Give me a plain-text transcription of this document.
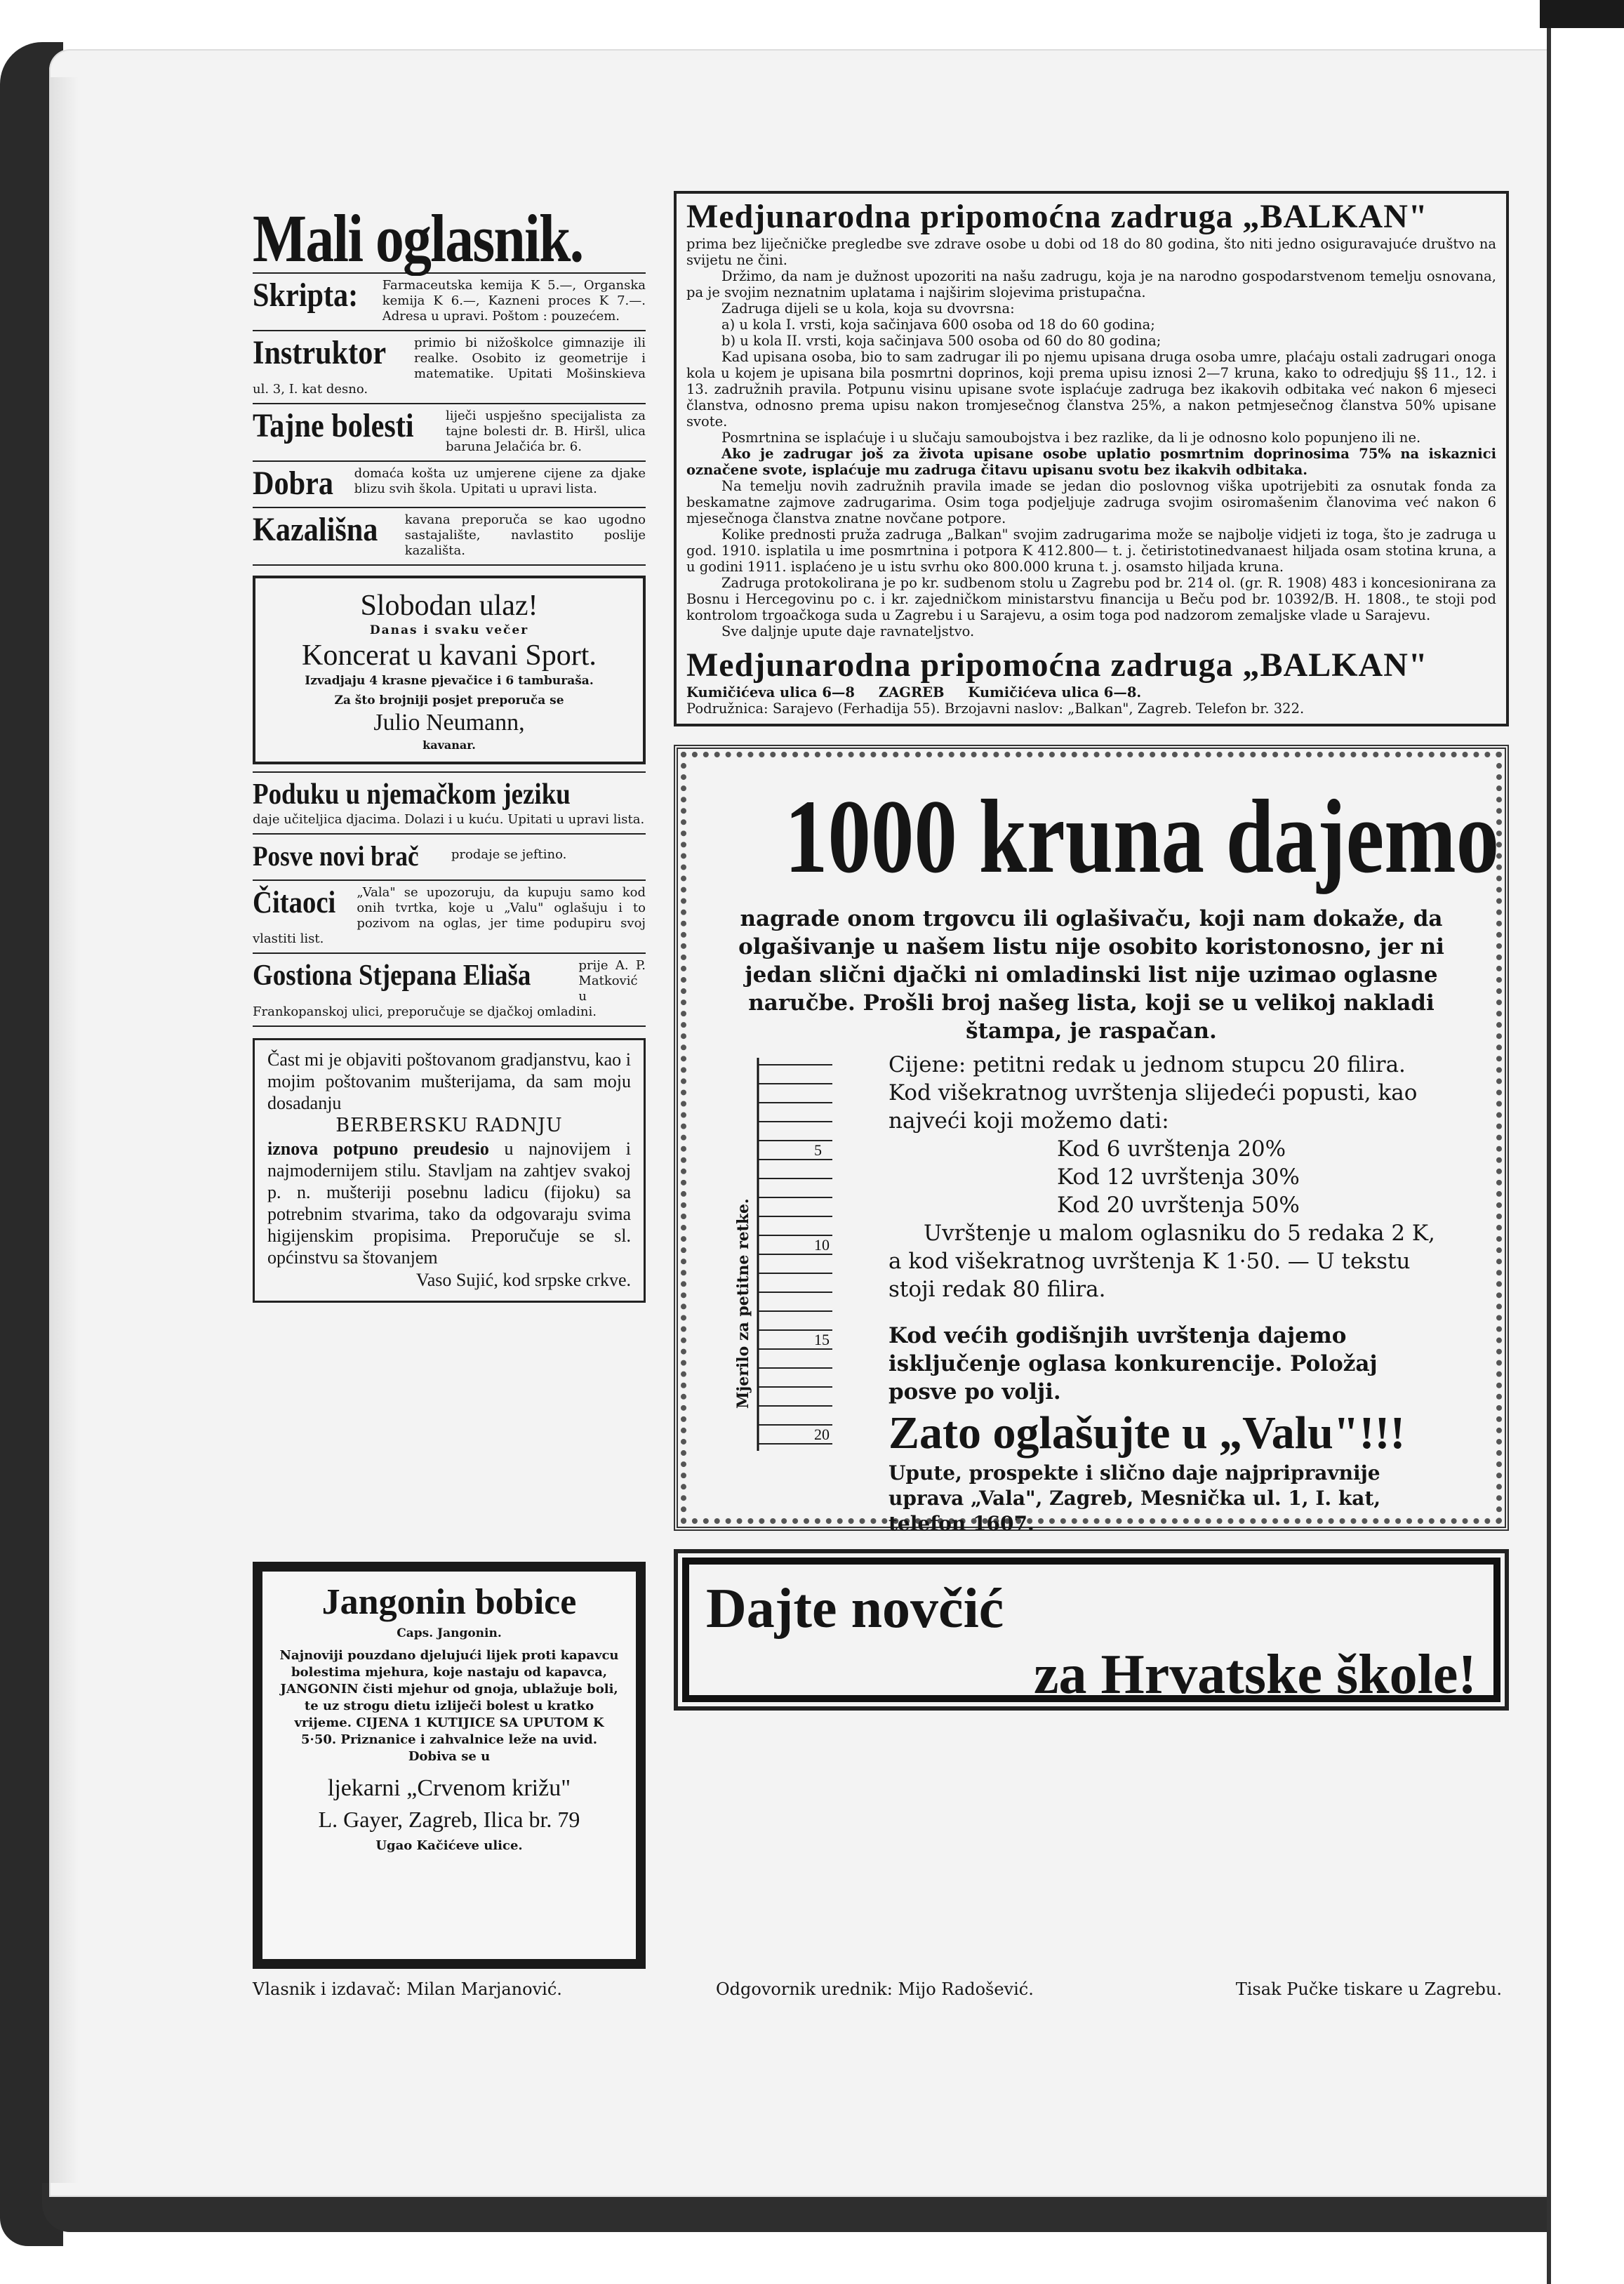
Mali oglasnik.
Skripta:	Farmaceutska kemija K 5.—, Organska kemija K 6.—, Kazneni proces K 7.—. Adresa u upravi. Poštom : pouzećem.
Instruktor	primio bi nižoškolce gimnazije ili realke. Osobito iz geometrije i matematike. Upitati Mošinskieva ul. 3, I. kat desno.
Tajne bolesti	liječi uspješno specijalista za tajne bolesti dr. B. Hiršl, ulica baruna Jelačića br. 6.
Dobra	domaća košta uz umjerene cijene za djake blizu svih škola. Upitati u upravi lista.
Kazališna	kavana preporuča se kao ugodno sastajalište, navlastito poslije kazališta.
Slobodan ulaz!
Danas i svaku večer
Koncerat u kavani Sport.
Izvadjaju 4 krasne pjevačice i 6 tamburaša.
Za što brojniji posjet preporuča se
Julio Neumann,
kavanar.
Poduku u njemačkom jeziku
daje učiteljica djacima. Dolazi i u kuću. Upitati u upravi lista.
Posve novi brač	prodaje se jeftino.
Čitaoci	„Vala" se upozoruju, da kupuju samo kod onih tvrtka, koje u „Valu" oglašuju i to pozivom na oglas, jer time podupiru svoj vlastiti list.
Gostiona Stjepana Eliaša	prije A. P. Matković u Frankopanskoj ulici, preporučuje se djačkoj omladini.
Čast mi je objaviti poštovanom gradjanstvu, kao i mojim poštovanim mušterijama, da sam moju dosadanju
BERBERSKU RADNJU
iznova potpuno preudesio u najnovijem i najmodernijem stilu. Stavljam na zahtjev svakoj p. n. mušteriji posebnu ladicu (fijoku) sa potrebnim stvarima, tako da odgovaraju svima higijenskim propisima. Preporučuje se sl. općinstvu sa štovanjem
Vaso Sujić, kod srpske crkve.
Jangonin bobice
Caps. Jangonin.
Najnoviji pouzdano djelujući lijek proti kapavcu bolestima mjehura, koje nastaju od kapavca, JANGONIN čisti mjehur od gnoja, ublažuje boli, te uz strogu dietu izliječi bolest u kratko vrijeme. CIJENA 1 KUTIJICE SA UPUTOM K 5·50. Priznanice i zahvalnice leže na uvid. Dobiva se u
ljekarni „Crvenom križu"
L. Gayer, Zagreb, Ilica br. 79
Ugao Kačićeve ulice.
Medjunarodna pripomoćna zadruga „BALKAN"
prima bez liječničke pregledbe sve zdrave osobe u dobi od 18 do 80 godina, što niti jedno osiguravajuće društvo na svijetu ne čini.
Držimo, da nam je dužnost upozoriti na našu zadrugu, koja je na narodno gospodarstvenom temelju osnovana, pa je svojim neznatnim uplatama i najširim slojevima pristupačna.
Zadruga dijeli se u kola, koja su dvovrsna:
a) u kola I. vrsti, koja sačinjava 600 osoba od 18 do 60 godina;
b) u kola II. vrsti, koja sačinjava 500 osoba od 60 do 80 godina;
Kad upisana osoba, bio to sam zadrugar ili po njemu upisana druga osoba umre, plaćaju ostali zadrugari onoga kola u kojem je upisana bila posmrtni doprinos, koji prema upisu iznosi 2—7 kruna, kako to odredjuju §§ 11., 12. i 13. zadružnih pravila. Potpunu visinu upisane svote isplaćuje zadruga bez ikakovih odbitaka već nakon 6 mjeseci članstva, odnosno prema upisu nakon tromjesečnog članstva 25%, a nakon petmjesečnog članstva 50% upisane svote.
Posmrtnina se isplaćuje i u slučaju samoubojstva i bez razlike, da li je odnosno kolo popunjeno ili ne.
Ako je zadrugar još za života upisane osobe uplatio posmrtnim doprinosima 75% na iskaznici označene svote, isplaćuje mu zadruga čitavu upisanu svotu bez ikakvih odbitaka.
Na temelju novih zadružnih pravila imade se jedan dio poslovnog viška upotrijebiti za osnutak fonda za beskamatne zajmove zadrugarima. Osim toga podjeljuje zadruga svojim osiromašenim članovima već nakon 6 mjesečnoga članstva znatne novčane potpore.
Kolike prednosti pruža zadruga „Balkan" svojim zadrugarima može se najbolje vidjeti iz toga, što je zadruga u god. 1910. isplatila u ime posmrtnina i potpora K 412.800— t. j. četiristotinedvanaest hiljada osam stotina kruna, a u godini 1911. isplaćeno je u istu svrhu oko 800.000 kruna t. j. osamsto hiljada kruna.
Zadruga protokolirana je po kr. sudbenom stolu u Zagrebu pod br. 214 ol. (gr. R. 1908) 483 i koncesionirana za Bosnu i Hercegovinu po c. i kr. zajedničkom ministarstvu financija u Beču pod br. 10392/B. H. 1808., te stoji pod kontrolom trgoačkoga suda u Zagrebu i u Sarajevu, a osim toga pod nadzorom zemaljske vlade u Sarajevu.
Sve daljnje upute daje ravnateljstvo.
Medjunarodna pripomoćna zadruga „BALKAN"
Kumičićeva ulica 6—8     ZAGREB     Kumičićeva ulica 6—8.
Podružnica: Sarajevo (Ferhadija 55). Brzojavni naslov: „Balkan", Zagreb. Telefon br. 322.
1000 kruna dajemo
nagrade onom trgovcu ili oglašivaču, koji nam dokaže, da olgašivanje u našem listu nije osobito koristonosno, jer ni jedan slični djački ni omladinski list nije uzimao oglasne naručbe. Prošli broj našeg lista, koji se u velikoj nakladi štampa, je raspačan.
Mjerilo za petitne retke.
5
10
15
20
Cijene: petitni redak u jednom stupcu 20 filira. Kod višekratnog uvrštenja slijedeći popusti, kao najveći koji možemo dati:
Kod 6 uvrštenja 20%
Kod 12 uvrštenja 30%
Kod 20 uvrštenja 50%
Uvrštenje u malom oglasniku do 5 redaka 2 K, a kod višekratnog uvrštenja K 1·50. — U tekstu stoji redak 80 filira.
Kod većih godišnjih uvrštenja dajemo isključenje oglasa konkurencije. Položaj posve po volji.
Zato oglašujte u „Valu"!!!
Upute, prospekte i slično daje najpripravnije uprava „Vala", Zagreb, Mesnička ul. 1, I. kat, telefon 1607.
Dajte novčić
za Hrvatske škole!
Vlasnik i izdavač: Milan Marjanović.	Odgovornik urednik: Mijo Radošević.	Tisak Pučke tiskare u Zagrebu.
